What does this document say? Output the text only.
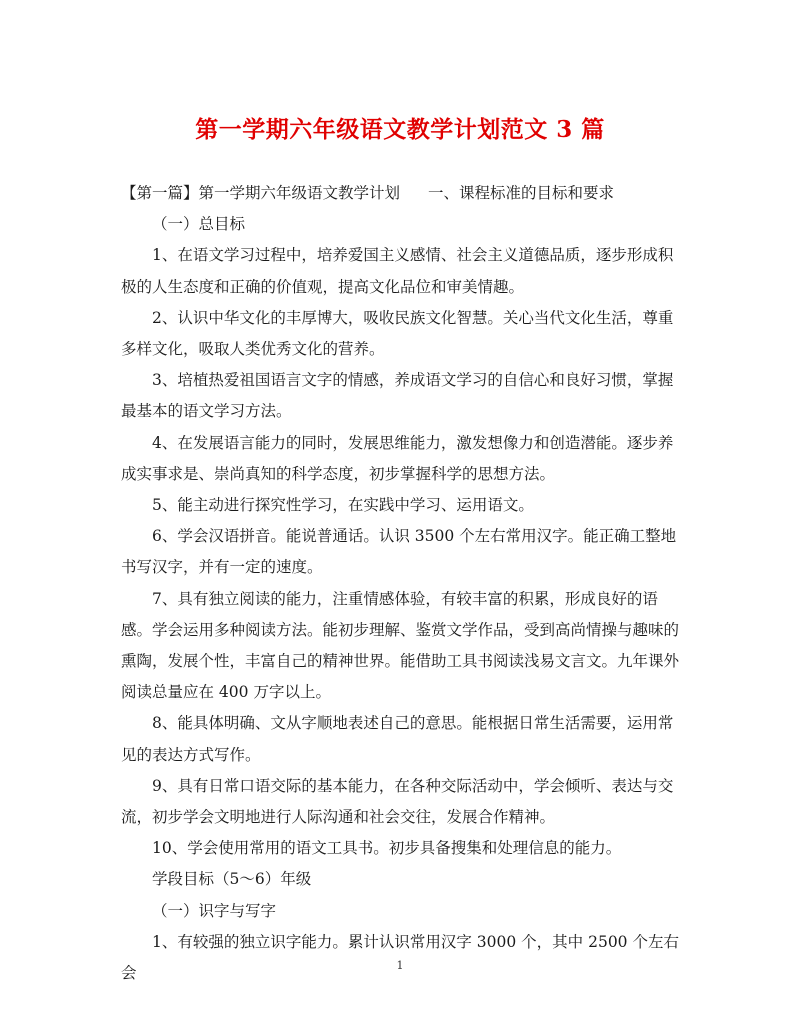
第一学期六年级语文教学计划范文 3 篇

【第一篇】第一学期六年级语文教学计划 一、课程标准的目标和要求

（一）总目标

1、在语文学习过程中，培养爱国主义感情、社会主义道德品质，逐步形成积极的人生态度和正确的价值观，提高文化品位和审美情趣。

2、认识中华文化的丰厚博大，吸收民族文化智慧。关心当代文化生活，尊重多样文化，吸取人类优秀文化的营养。

3、培植热爱祖国语言文字的情感，养成语文学习的自信心和良好习惯，掌握最基本的语文学习方法。

4、在发展语言能力的同时，发展思维能力，激发想像力和创造潜能。逐步养成实事求是、崇尚真知的科学态度，初步掌握科学的思想方法。

5、能主动进行探究性学习，在实践中学习、运用语文。

6、学会汉语拼音。能说普通话。认识 3500 个左右常用汉字。能正确工整地书写汉字，并有一定的速度。

7、具有独立阅读的能力，注重情感体验，有较丰富的积累，形成良好的语感。学会运用多种阅读方法。能初步理解、鉴赏文学作品，受到高尚情操与趣味的熏陶，发展个性，丰富自己的精神世界。能借助工具书阅读浅易文言文。九年课外阅读总量应在 400 万字以上。

8、能具体明确、文从字顺地表述自己的意思。能根据日常生活需要，运用常见的表达方式写作。

9、具有日常口语交际的基本能力，在各种交际活动中，学会倾听、表达与交流，初步学会文明地进行人际沟通和社会交往，发展合作精神。

10、学会使用常用的语文工具书。初步具备搜集和处理信息的能力。

学段目标（5～6）年级

（一）识字与写字

1、有较强的独立识字能力。累计认识常用汉字 3000 个，其中 2500 个左右会	1
